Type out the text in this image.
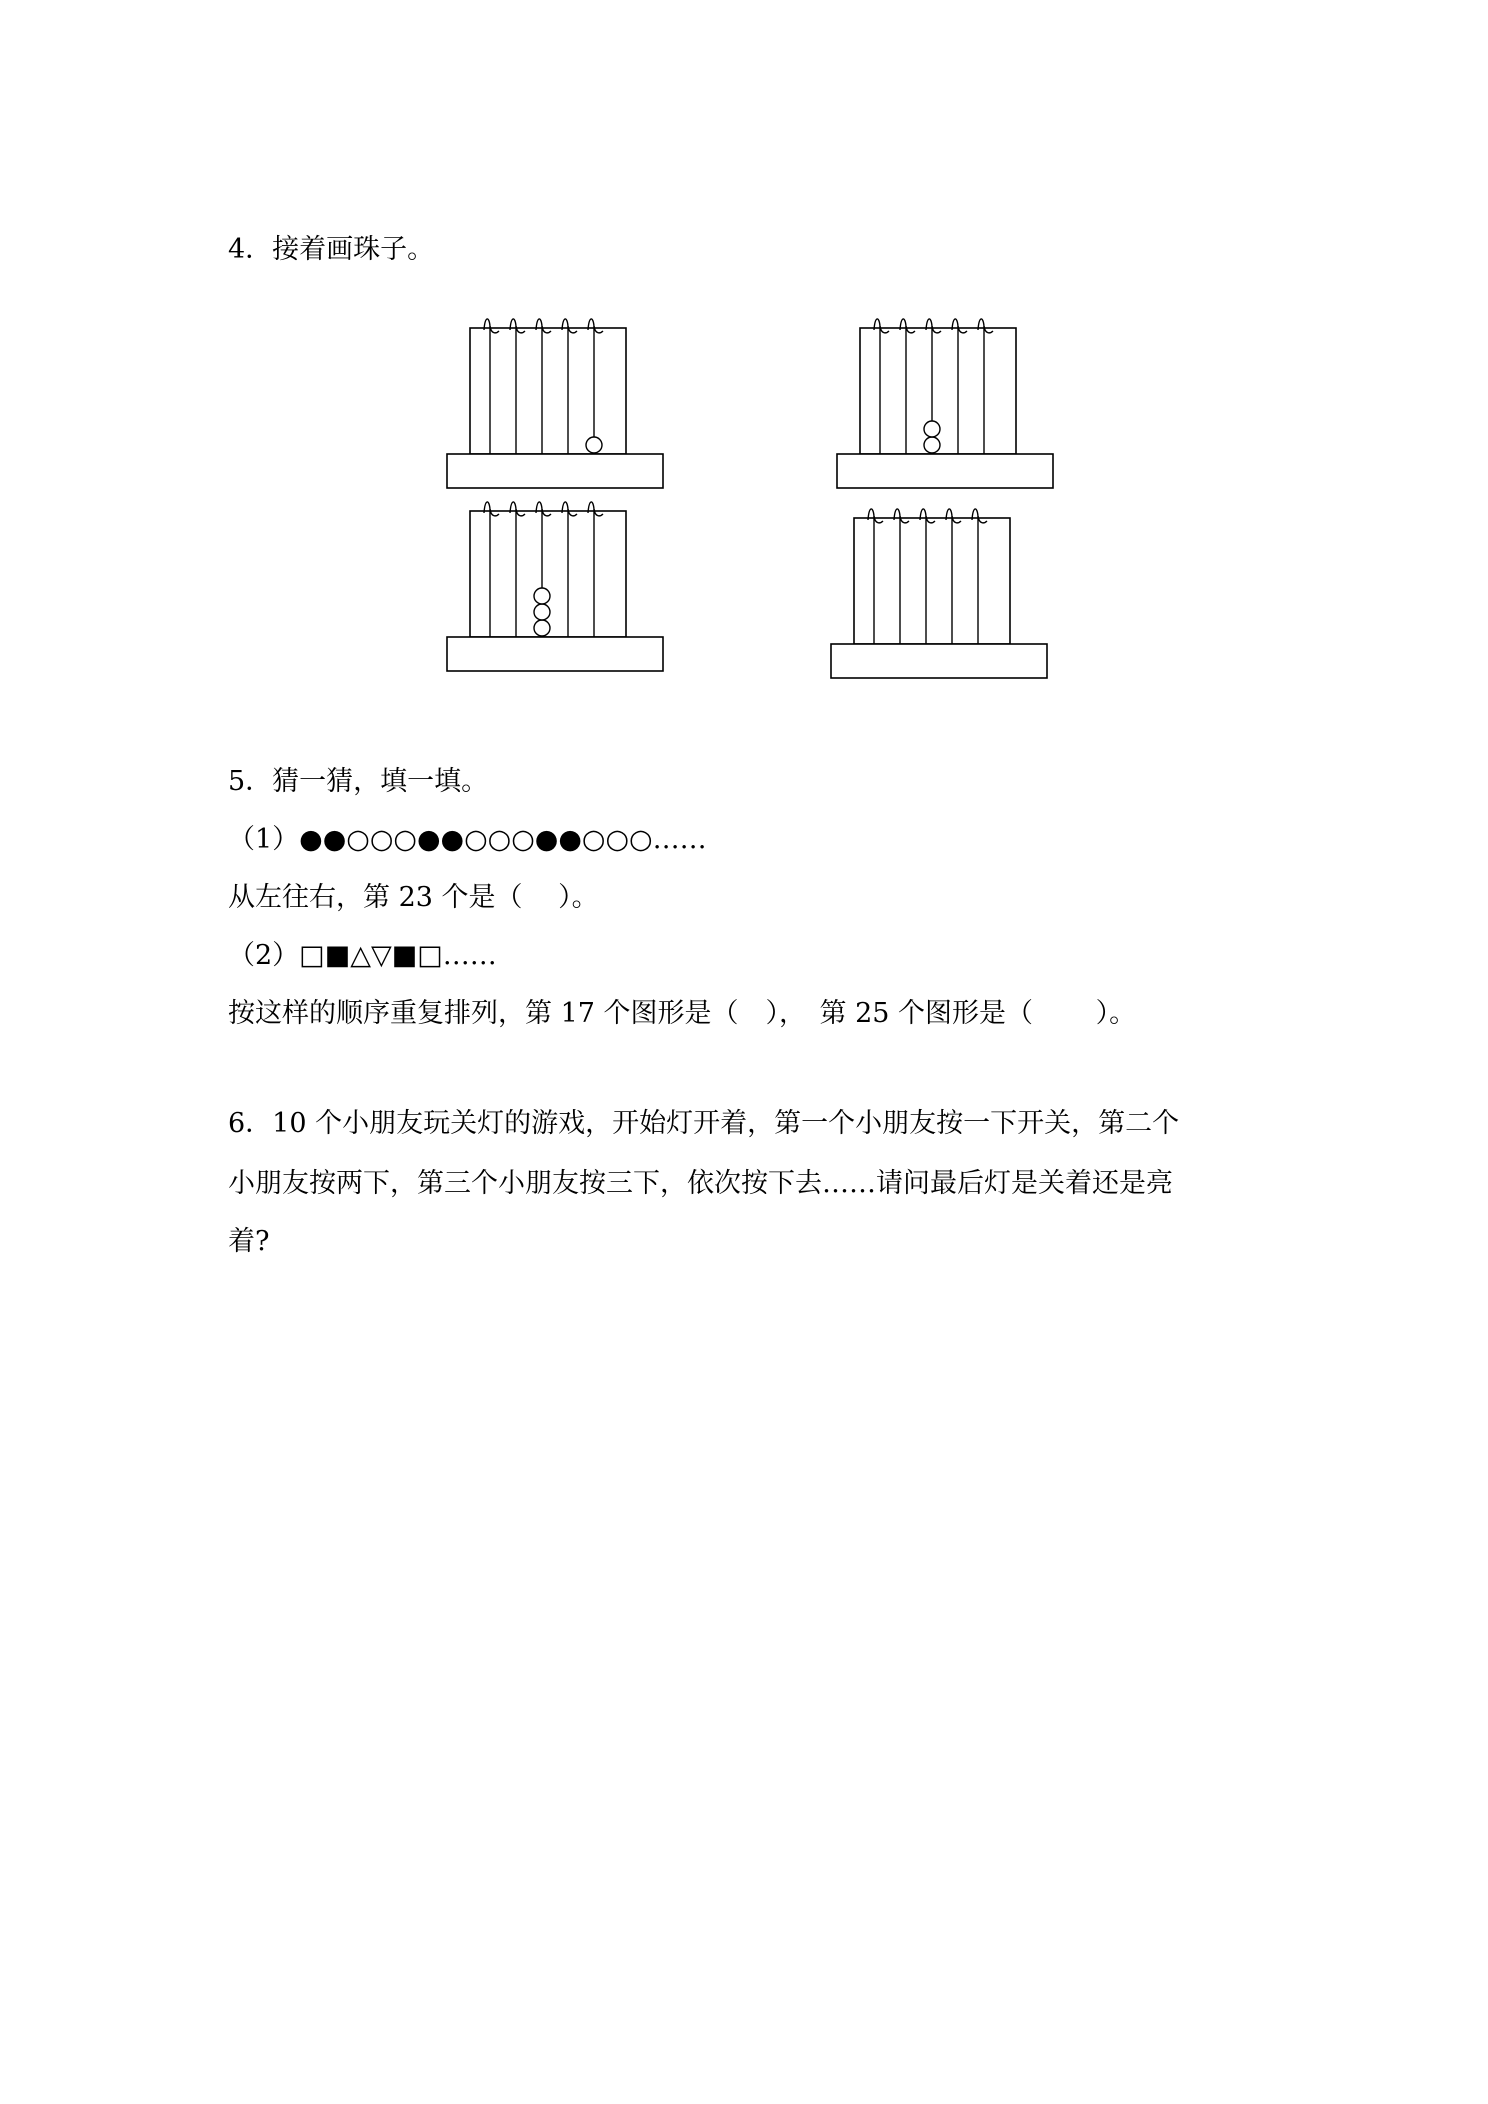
4．接着画珠子。
5．猜一猜，填一填。
（1）●●○○○●●○○○●●○○○……
从左往右，第 23 个是（　 ）。
（2）□■△▽■□……
按这样的顺序重复排列，第 17 个图形是（　），　第 25 个图形是（　　 ）。
6．10 个小朋友玩关灯的游戏，开始灯开着，第一个小朋友按一下开关，第二个
小朋友按两下，第三个小朋友按三下，依次按下去……请问最后灯是关着还是亮
着?
